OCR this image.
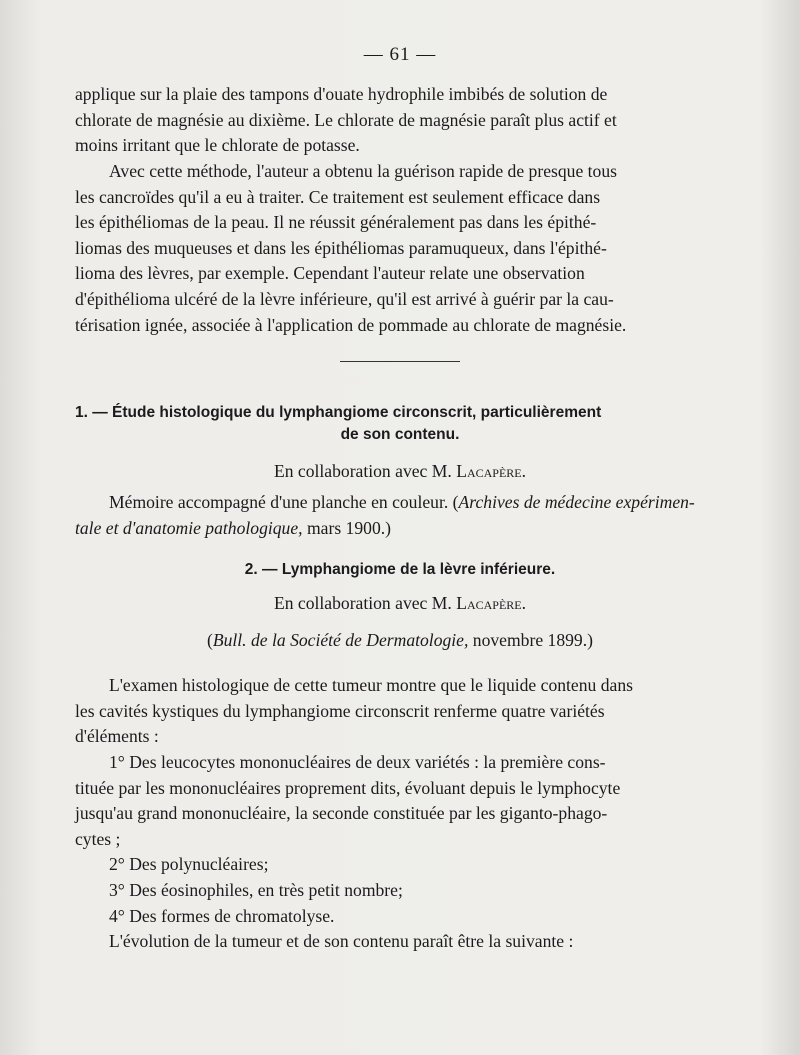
— 61 —

applique sur la plaie des tampons d'ouate hydrophile imbibés de solution de

chlorate de magnésie au dixième. Le chlorate de magnésie paraît plus actif et

moins irritant que le chlorate de potasse.

Avec cette méthode, l'auteur a obtenu la guérison rapide de presque tous

les cancroïdes qu'il a eu à traiter. Ce traitement est seulement efficace dans

les épithéliomas de la peau. Il ne réussit généralement pas dans les épithé-

liomas des muqueuses et dans les épithéliomas paramuqueux, dans l'épithé-

lioma des lèvres, par exemple. Cependant l'auteur relate une observation

d'épithélioma ulcéré de la lèvre inférieure, qu'il est arrivé à guérir par la cau-

térisation ignée, associée à l'application de pommade au chlorate de magnésie.

1. — Étude histologique du lymphangiome circonscrit, particulièrement

de son contenu.

En collaboration avec M. Lacapère.

Mémoire accompagné d'une planche en couleur. (Archives de médecine expérimen-

tale et d'anatomie pathologique, mars 1900.)

2. — Lymphangiome de la lèvre inférieure.

En collaboration avec M. Lacapère.

(Bull. de la Société de Dermatologie, novembre 1899.)

L'examen histologique de cette tumeur montre que le liquide contenu dans

les cavités kystiques du lymphangiome circonscrit renferme quatre variétés

d'éléments :

1° Des leucocytes mononucléaires de deux variétés : la première cons-

tituée par les mononucléaires proprement dits, évoluant depuis le lymphocyte

jusqu'au grand mononucléaire, la seconde constituée par les giganto-phago-

cytes ;

2° Des polynucléaires;

3° Des éosinophiles, en très petit nombre;

4° Des formes de chromatolyse.

L'évolution de la tumeur et de son contenu paraît être la suivante :
